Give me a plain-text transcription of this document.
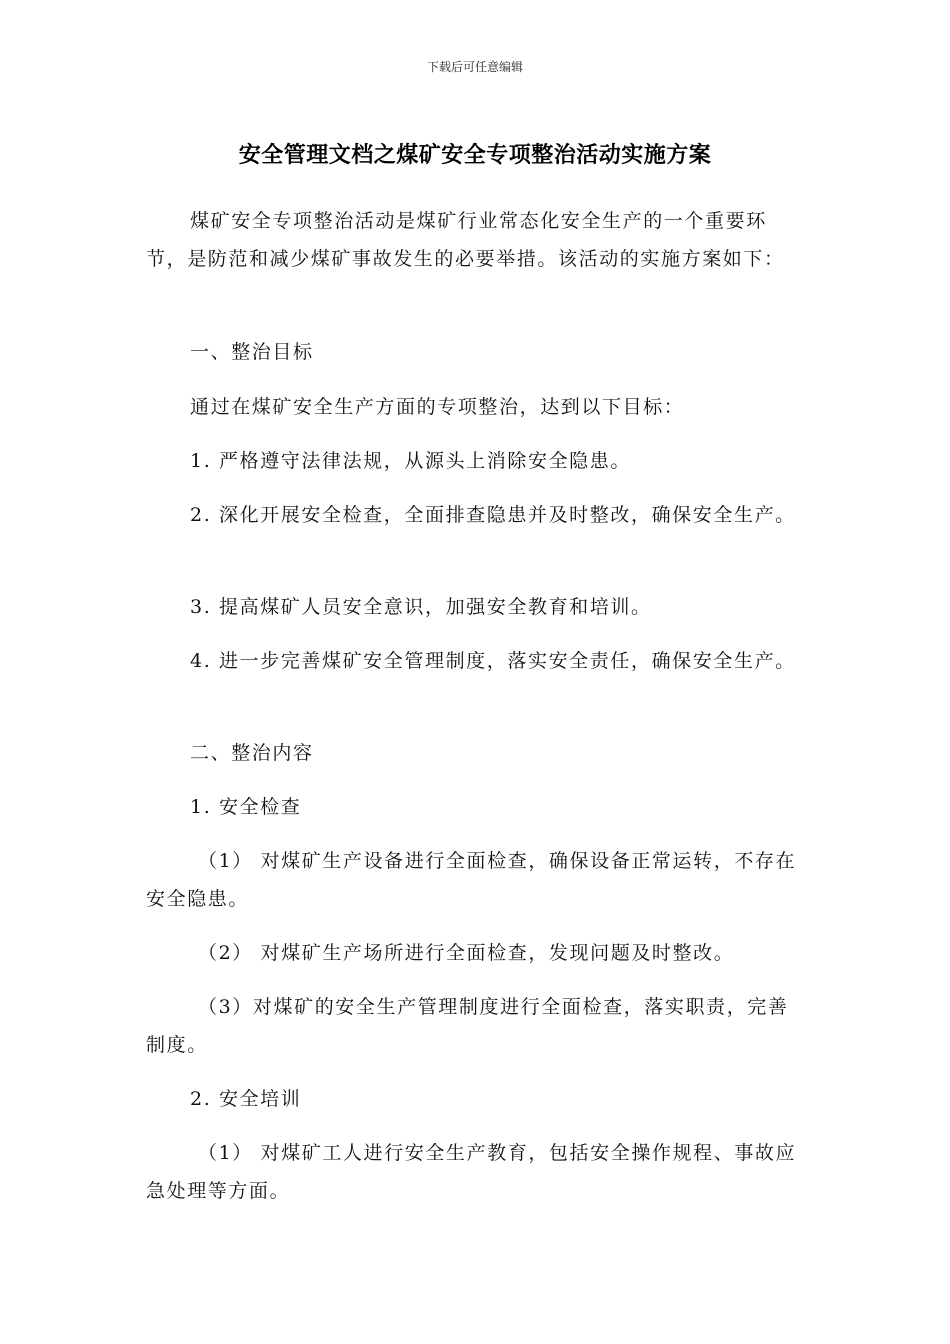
下载后可任意编辑
安全管理文档之煤矿安全专项整治活动实施方案
煤矿安全专项整治活动是煤矿行业常态化安全生产的一个重要环节，是防范和减少煤矿事故发生的必要举措。该活动的实施方案如下：
一、整治目标
通过在煤矿安全生产方面的专项整治，达到以下目标：
1. 严格遵守法律法规，从源头上消除安全隐患。
2. 深化开展安全检查，全面排查隐患并及时整改，确保安全生产。
3. 提高煤矿人员安全意识，加强安全教育和培训。
4. 进一步完善煤矿安全管理制度，落实安全责任，确保安全生产。
二、整治内容
1. 安全检查
（1） 对煤矿生产设备进行全面检查，确保设备正常运转，不存在安全隐患。
（2） 对煤矿生产场所进行全面检查，发现问题及时整改。
（3）对煤矿的安全生产管理制度进行全面检查，落实职责，完善制度。
2. 安全培训
（1） 对煤矿工人进行安全生产教育，包括安全操作规程、事故应急处理等方面。
